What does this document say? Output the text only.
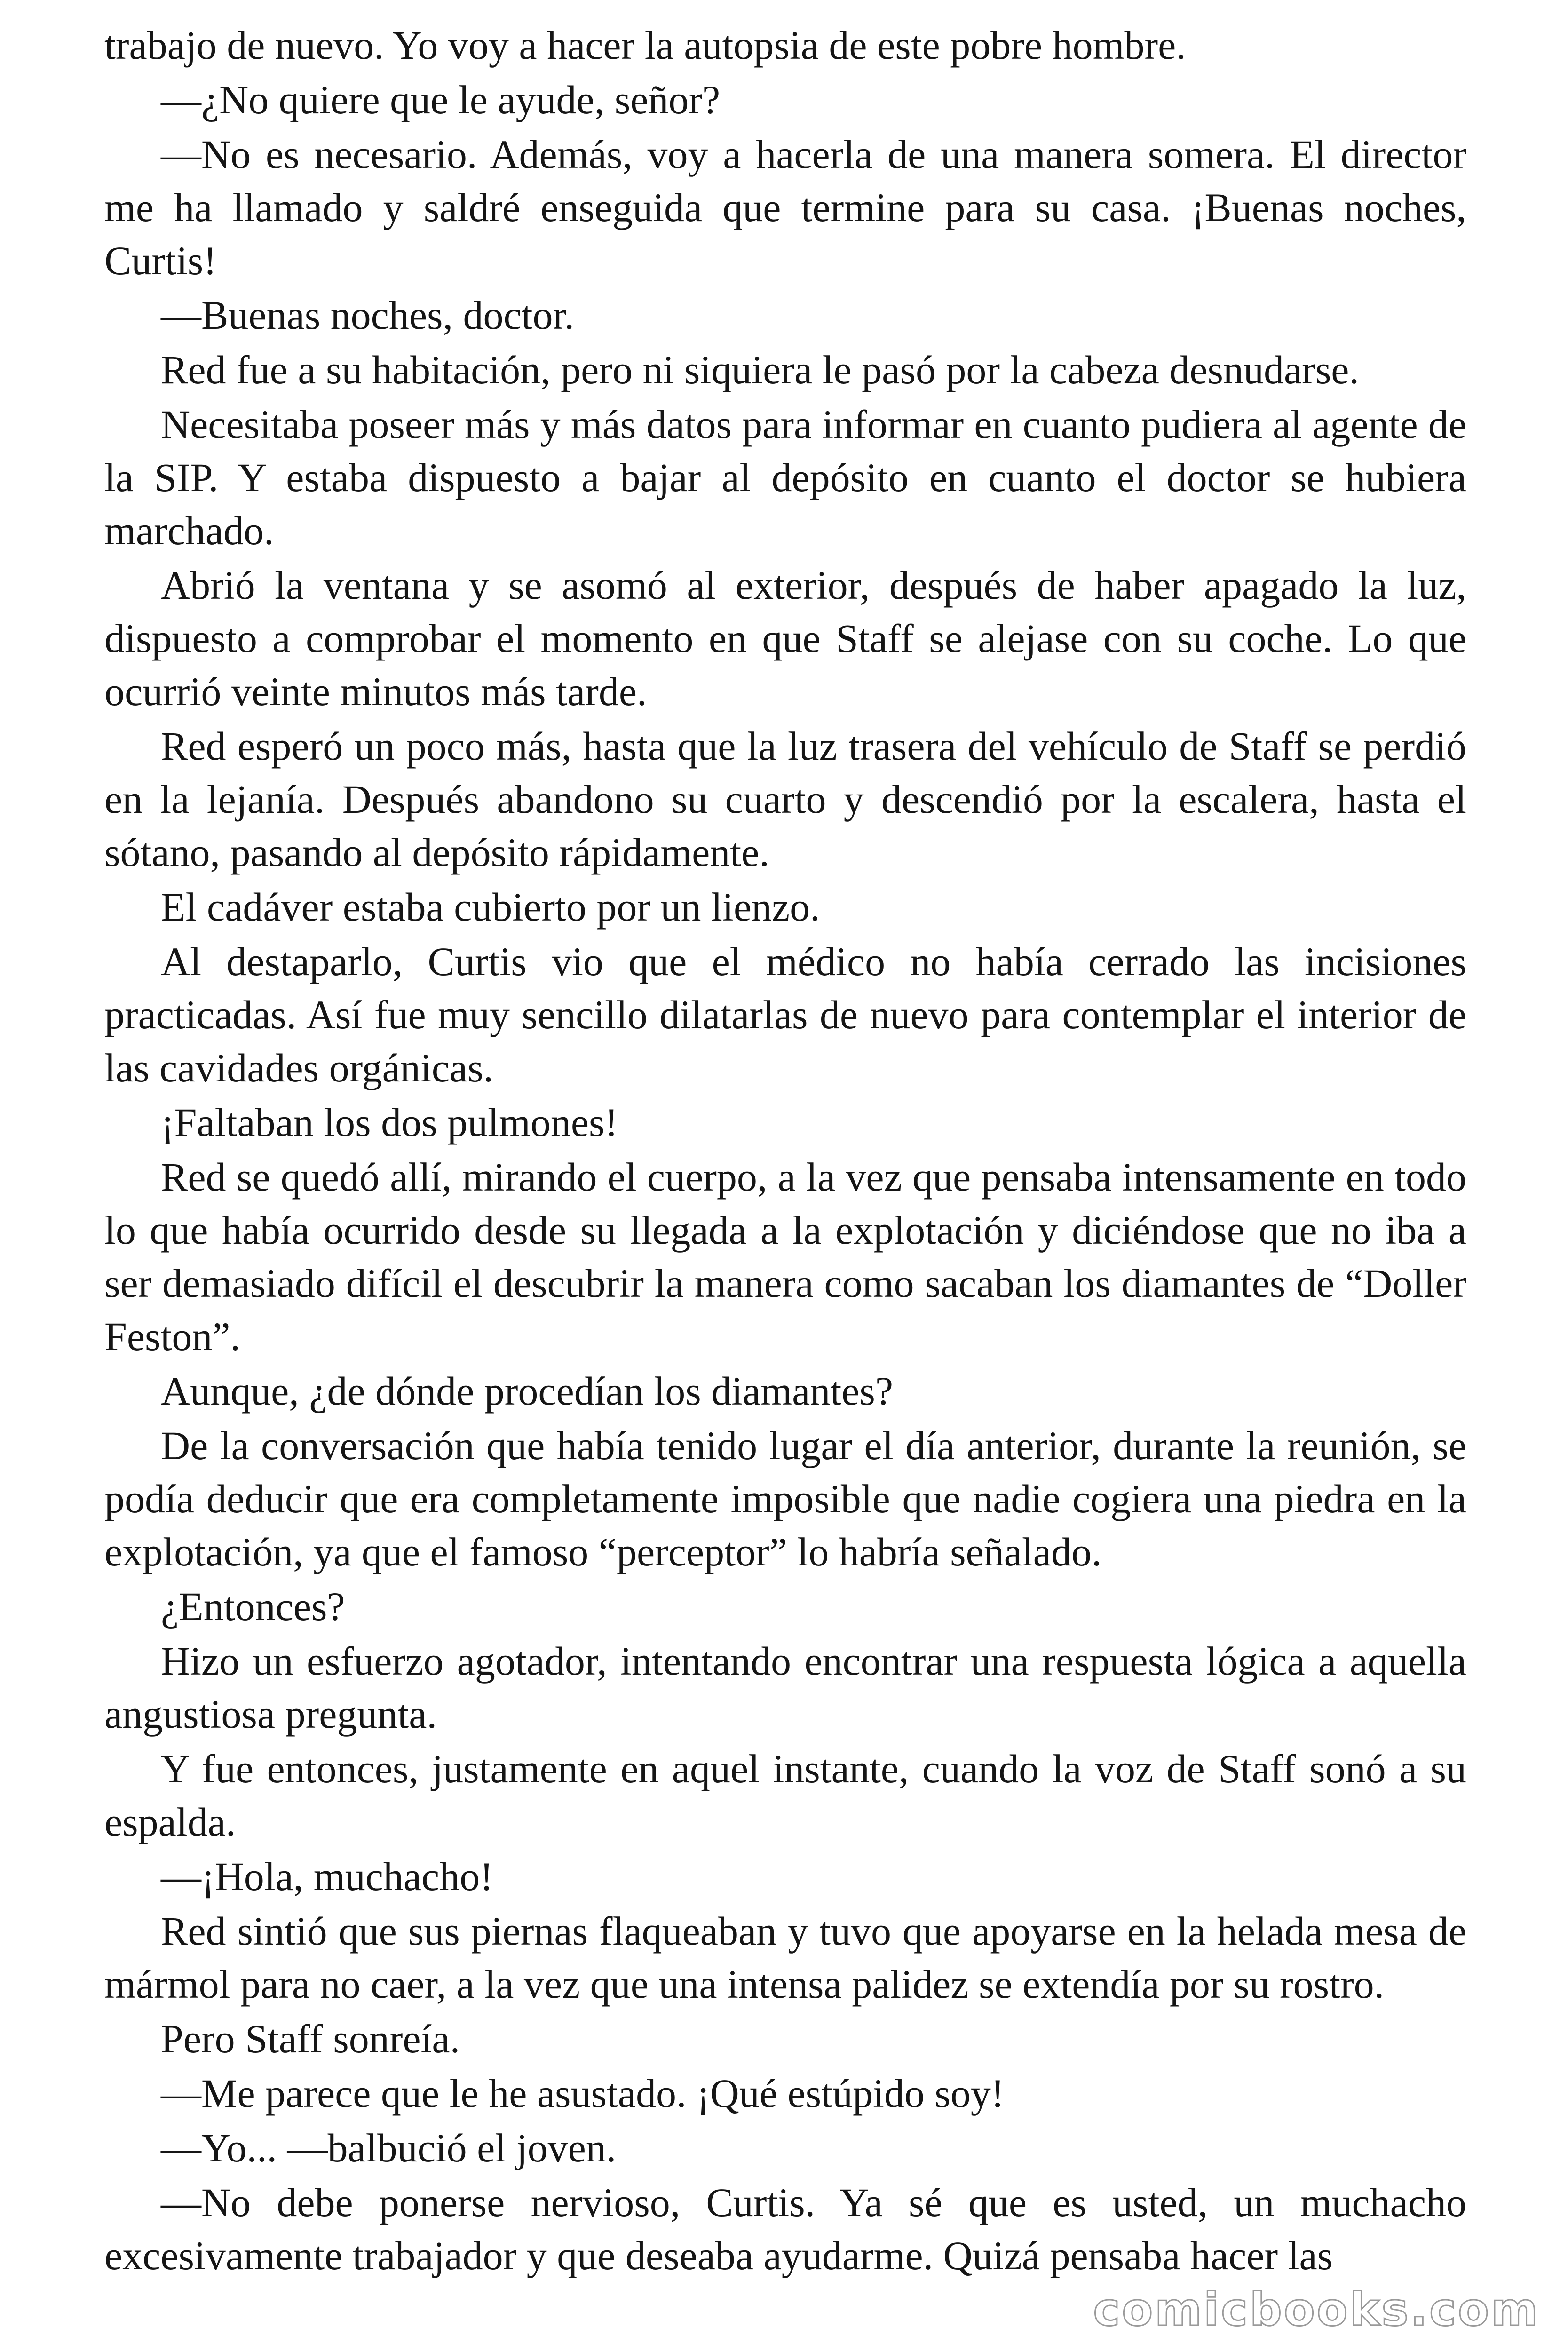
trabajo de nuevo. Yo voy a hacer la autopsia de este pobre hombre.

—¿No quiere que le ayude, señor?

—No es necesario. Además, voy a hacerla de una manera somera. El director me ha llamado y saldré enseguida que termine para su casa. ¡Buenas noches, Curtis!

—Buenas noches, doctor.

Red fue a su habitación, pero ni siquiera le pasó por la cabeza desnudarse.

Necesitaba poseer más y más datos para informar en cuanto pudiera al agente de la SIP. Y estaba dispuesto a bajar al depósito en cuanto el doctor se hubiera marchado.

Abrió la ventana y se asomó al exterior, después de haber apagado la luz, dispuesto a comprobar el momento en que Staff se alejase con su coche. Lo que ocurrió veinte minutos más tarde.

Red esperó un poco más, hasta que la luz trasera del vehículo de Staff se perdió en la lejanía. Después abandono su cuarto y descendió por la escalera, hasta el sótano, pasando al depósito rápidamente.

El cadáver estaba cubierto por un lienzo.

Al destaparlo, Curtis vio que el médico no había cerrado las incisiones practicadas. Así fue muy sencillo dilatarlas de nuevo para contemplar el interior de las cavidades orgánicas.

¡Faltaban los dos pulmones!

Red se quedó allí, mirando el cuerpo, a la vez que pensaba intensamente en todo lo que había ocurrido desde su llegada a la explotación y diciéndose que no iba a ser demasiado difícil el descubrir la manera como sacaban los diamantes de “Doller Feston”.

Aunque, ¿de dónde procedían los diamantes?

De la conversación que había tenido lugar el día anterior, durante la reunión, se podía deducir que era completamente imposible que nadie cogiera una piedra en la explotación, ya que el famoso “perceptor” lo habría señalado.

¿Entonces?

Hizo un esfuerzo agotador, intentando encontrar una respuesta lógica a aquella angustiosa pregunta.

Y fue entonces, justamente en aquel instante, cuando la voz de Staff sonó a su espalda.

—¡Hola, muchacho!

Red sintió que sus piernas flaqueaban y tuvo que apoyarse en la helada mesa de mármol para no caer, a la vez que una intensa palidez se extendía por su rostro.

Pero Staff sonreía.

—Me parece que le he asustado. ¡Qué estúpido soy!

—Yo... —balbució el joven.

—No debe ponerse nervioso, Curtis. Ya sé que es usted, un muchacho excesivamente trabajador y que deseaba ayudarme. Quizá pensaba hacer las

comicbooks.com
